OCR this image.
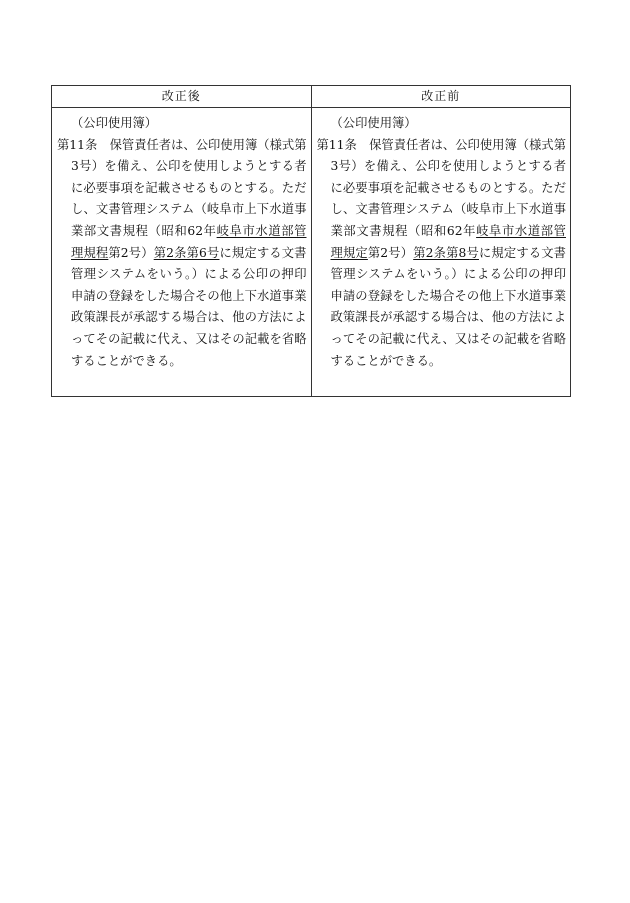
改正後	改正前
（公印使用簿）
第11条　保管責任者は、公印使用簿（様式第3号）を備え、公印を使用しようとする者に必要事項を記載させるものとする。ただし、文書管理システム（岐阜市上下水道事業部文書規程（昭和62年岐阜市水道部管理規程第2号）第2条第6号に規定する文書管理システムをいう。）による公印の押印申請の登録をした場合その他上下水道事業政策課長が承認する場合は、他の方法によってその記載に代え、又はその記載を省略することができる。
（公印使用簿）
第11条　保管責任者は、公印使用簿（様式第3号）を備え、公印を使用しようとする者に必要事項を記載させるものとする。ただし、文書管理システム（岐阜市上下水道事業部文書規程（昭和62年岐阜市水道部管理規定第2号）第2条第8号に規定する文書管理システムをいう。）による公印の押印申請の登録をした場合その他上下水道事業政策課長が承認する場合は、他の方法によってその記載に代え、又はその記載を省略することができる。
